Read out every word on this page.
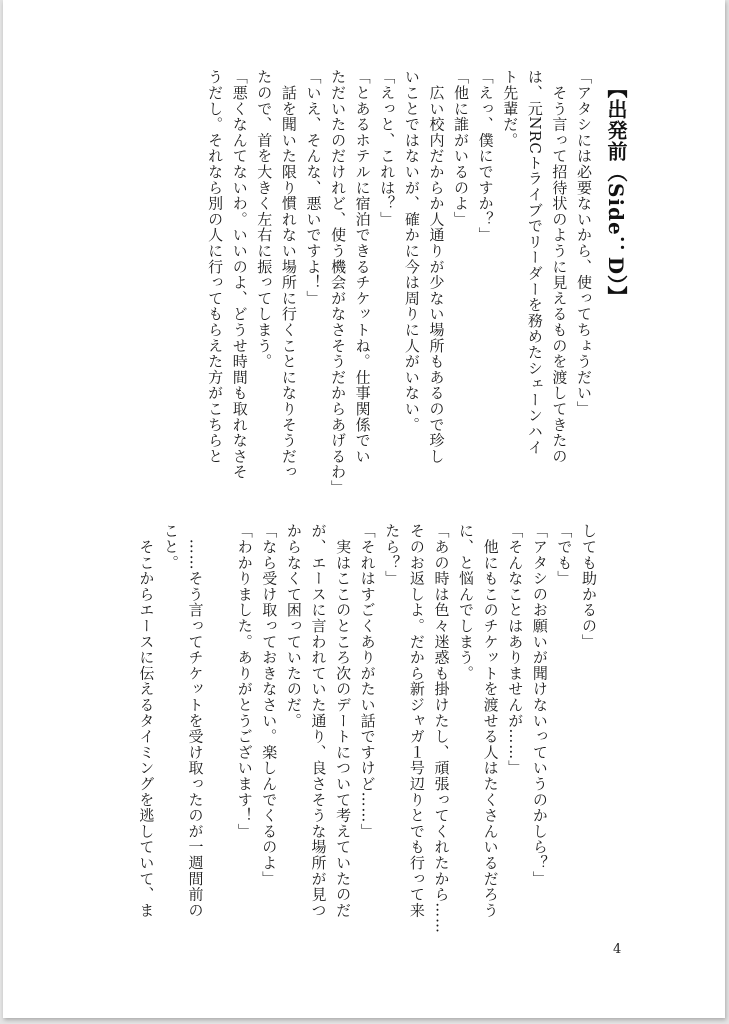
【出発前（Side：D）】
「アタシには必要ないから、使ってちょうだい」
　そう言って招待状のように見えるものを渡してきたの
は、元NRCトライブでリーダーを務めたシェーンハイ
ト先輩だ。
「えっ、僕にですか？」
「他に誰がいるのよ」
　広い校内だからか人通りが少ない場所もあるので珍し
いことではないが、確かに今は周りに人がいない。
「えっと、これは？」
「とあるホテルに宿泊できるチケットね。仕事関係でい
ただいたのだけれど、使う機会がなさそうだからあげるわ」
「いえ、そんな、悪いですよ！」
　話を聞いた限り慣れない場所に行くことになりそうだっ
たので、首を大きく左右に振ってしまう。
「悪くなんてないわ。いいのよ、どうせ時間も取れなさそ
うだし。それなら別の人に行ってもらえた方がこちらと
しても助かるの」
「でも」
「アタシのお願いが聞けないっていうのかしら？」
「そんなことはありませんが……」
　他にもこのチケットを渡せる人はたくさんいるだろう
に、と悩んでしまう。
「あの時は色々迷惑も掛けたし、頑張ってくれたから……
そのお返しよ。だから新ジャガ１号辺りとでも行って来
たら？」
「それはすごくありがたい話ですけど……」
　実はここのところ次のデートについて考えていたのだ
が、エースに言われていた通り、良さそうな場所が見つ
からなくて困っていたのだ。
「なら受け取っておきなさい。楽しんでくるのよ」
「わかりました。ありがとうございます！」

　……そう言ってチケットを受け取ったのが一週間前の
こと。
　そこからエースに伝えるタイミングを逃していて、ま
4
